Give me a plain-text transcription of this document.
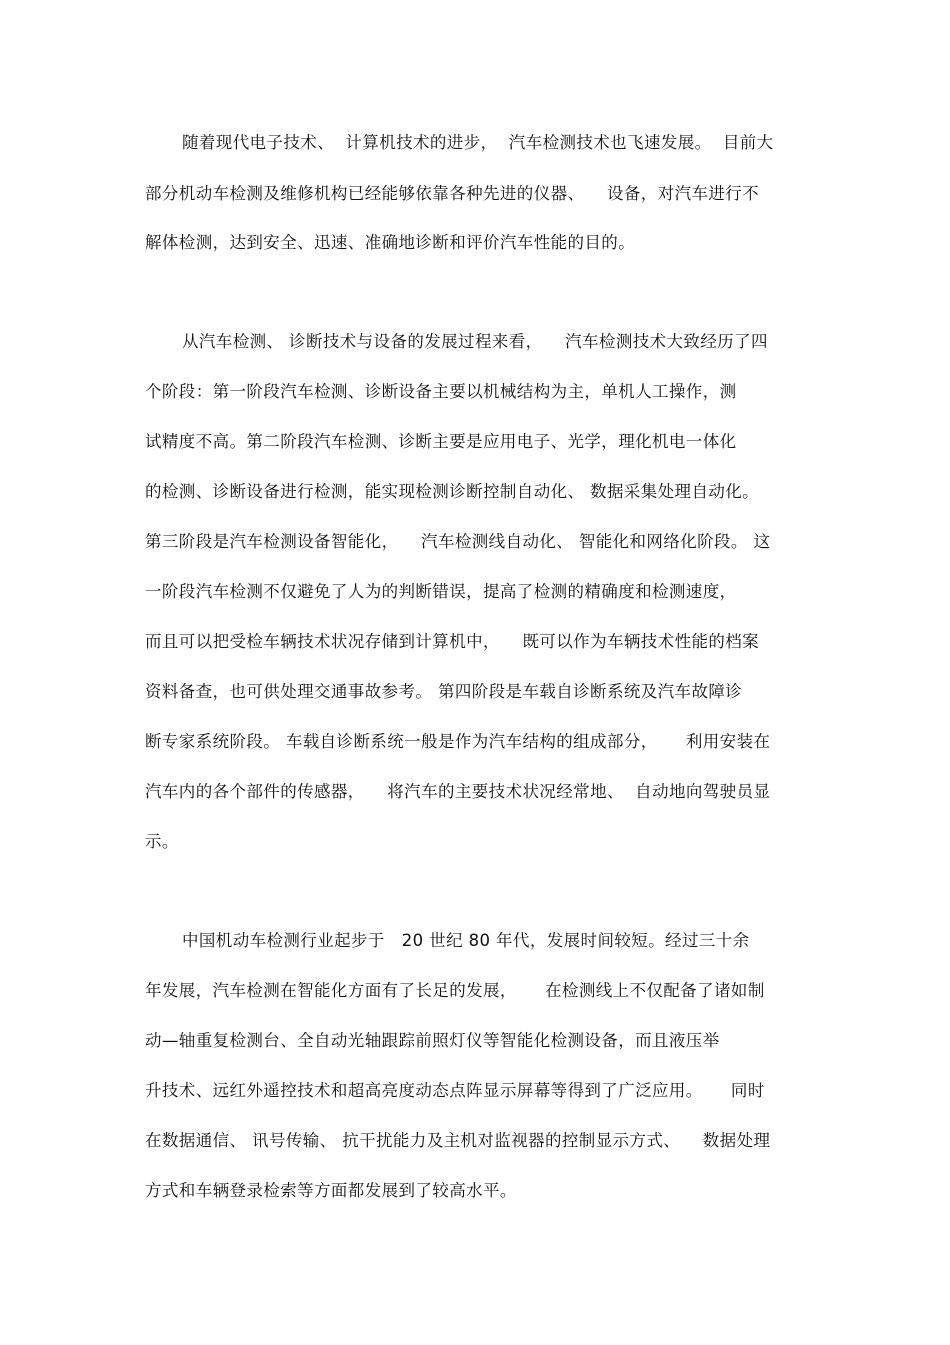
随着现代电子技术、  计算机技术的进步，  汽车检测技术也飞速发展。  目前大
部分机动车检测及维修机构已经能够依靠各种先进的仪器、    设备，对汽车进行不
解体检测，达到安全、迅速、准确地诊断和评价汽车性能的目的。
从汽车检测、 诊断技术与设备的发展过程来看，    汽车检测技术大致经历了四
个阶段：第一阶段汽车检测、诊断设备主要以机械结构为主，单机人工操作，测
试精度不高。第二阶段汽车检测、诊断主要是应用电子、光学，理化机电一体化
的检测、诊断设备进行检测，能实现检测诊断控制自动化、 数据采集处理自动化。
第三阶段是汽车检测设备智能化，    汽车检测线自动化、 智能化和网络化阶段。 这
一阶段汽车检测不仅避免了人为的判断错误，提高了检测的精确度和检测速度，
而且可以把受检车辆技术状况存储到计算机中，    既可以作为车辆技术性能的档案
资料备查，也可供处理交通事故参考。 第四阶段是车载自诊断系统及汽车故障诊
断专家系统阶段。 车载自诊断系统一般是作为汽车结构的组成部分，     利用安装在
汽车内的各个部件的传感器，    将汽车的主要技术状况经常地、  自动地向驾驶员显
示。
中国机动车检测行业起步于   20 世纪 80 年代，发展时间较短。经过三十余
年发展，汽车检测在智能化方面有了长足的发展，     在检测线上不仅配备了诸如制
动—轴重复检测台、全自动光轴跟踪前照灯仪等智能化检测设备，而且液压举
升技术、远红外遥控技术和超高亮度动态点阵显示屏幕等得到了广泛应用。     同时
在数据通信、 讯号传输、 抗干扰能力及主机对监视器的控制显示方式、    数据处理
方式和车辆登录检索等方面都发展到了较高水平。
